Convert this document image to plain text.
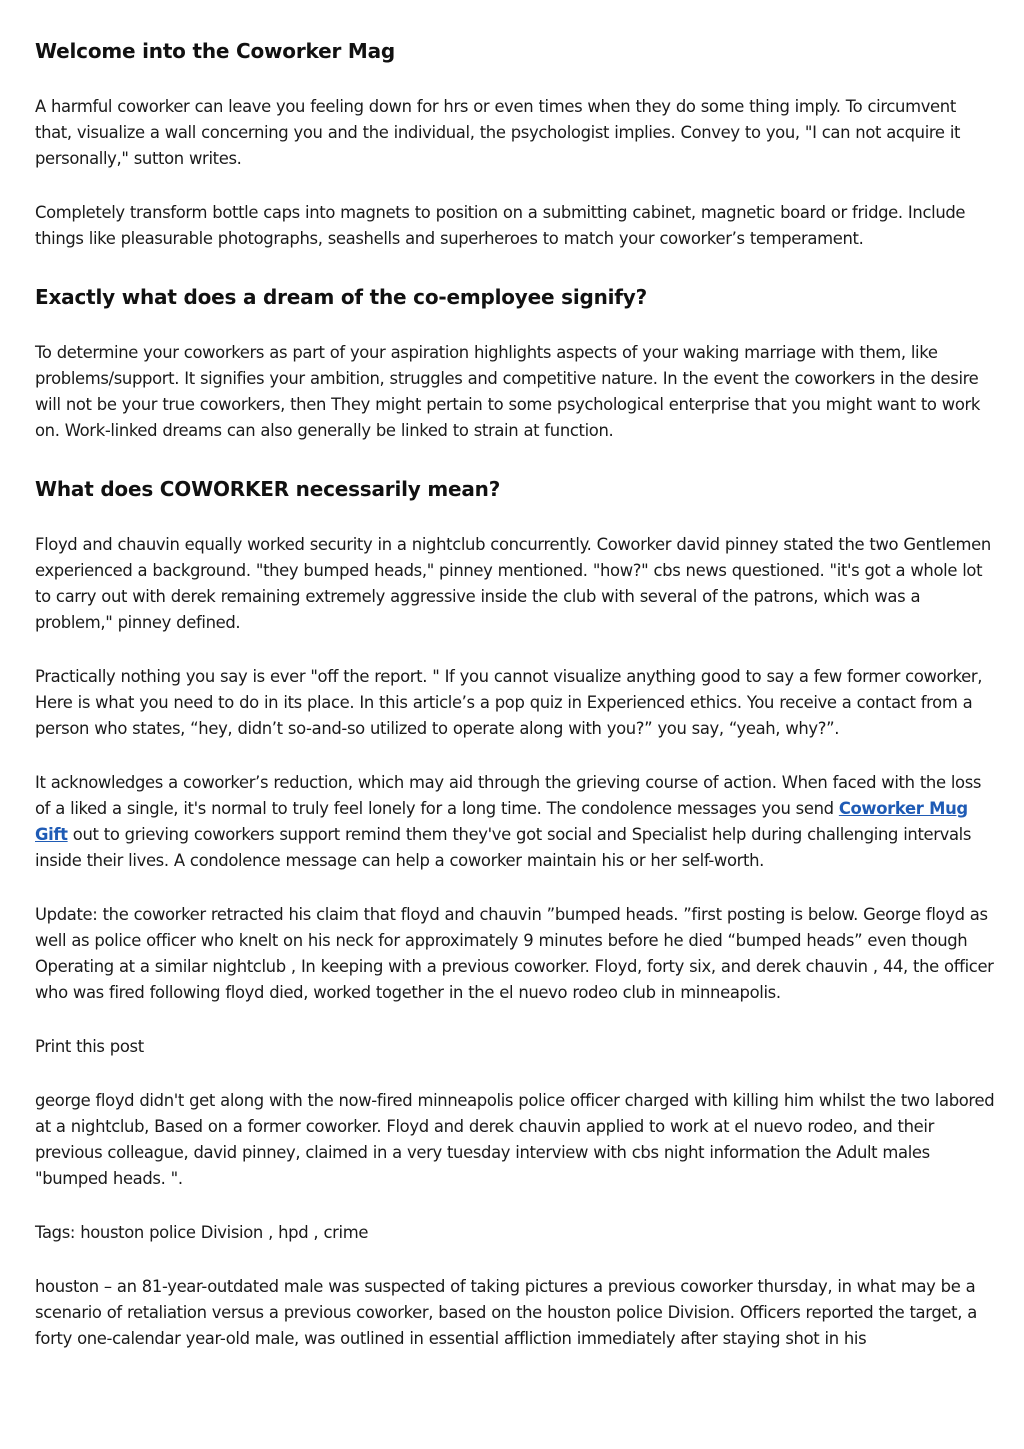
Welcome into the Coworker Mag

A harmful coworker can leave you feeling down for hrs or even times when they do some thing imply. To circumvent that, visualize a wall concerning you and the individual, the psychologist implies. Convey to you, "I can not acquire it personally," sutton writes.

Completely transform bottle caps into magnets to position on a submitting cabinet, magnetic board or fridge. Include things like pleasurable photographs, seashells and superheroes to match your coworker’s temperament.

Exactly what does a dream of the co-employee signify?

To determine your coworkers as part of your aspiration highlights aspects of your waking marriage with them, like problems/support. It signifies your ambition, struggles and competitive nature. In the event the coworkers in the desire will not be your true coworkers, then They might pertain to some psychological enterprise that you might want to work on. Work-linked dreams can also generally be linked to strain at function.

What does COWORKER necessarily mean?

Floyd and chauvin equally worked security in a nightclub concurrently. Coworker david pinney stated the two Gentlemen experienced a background. "they bumped heads," pinney mentioned. "how?" cbs news questioned. "it's got a whole lot to carry out with derek remaining extremely aggressive inside the club with several of the patrons, which was a problem," pinney defined.

Practically nothing you say is ever "off the report. " If you cannot visualize anything good to say a few former coworker, Here is what you need to do in its place. In this article’s a pop quiz in Experienced ethics. You receive a contact from a person who states, “hey, didn’t so-and-so utilized to operate along with you?” you say, “yeah, why?”.

It acknowledges a coworker’s reduction, which may aid through the grieving course of action. When faced with the loss of a liked a single, it's normal to truly feel lonely for a long time. The condolence messages you send Coworker Mug Gift out to grieving coworkers support remind them they've got social and Specialist help during challenging intervals inside their lives. A condolence message can help a coworker maintain his or her self-worth.

Update: the coworker retracted his claim that floyd and chauvin ”bumped heads. ”first posting is below. George floyd as well as police officer who knelt on his neck for approximately 9 minutes before he died “bumped heads” even though Operating at a similar nightclub , In keeping with a previous coworker. Floyd, forty six, and derek chauvin , 44, the officer who was fired following floyd died, worked together in the el nuevo rodeo club in minneapolis.

Print this post

george floyd didn't get along with the now-fired minneapolis police officer charged with killing him whilst the two labored at a nightclub, Based on a former coworker. Floyd and derek chauvin applied to work at el nuevo rodeo, and their previous colleague, david pinney, claimed in a very tuesday interview with cbs night information the Adult males "bumped heads. ".

Tags: houston police Division , hpd , crime

houston – an 81-year-outdated male was suspected of taking pictures a previous coworker thursday, in what may be a scenario of retaliation versus a previous coworker, based on the houston police Division. Officers reported the target, a forty one-calendar year-old male, was outlined in essential affliction immediately after staying shot in his
